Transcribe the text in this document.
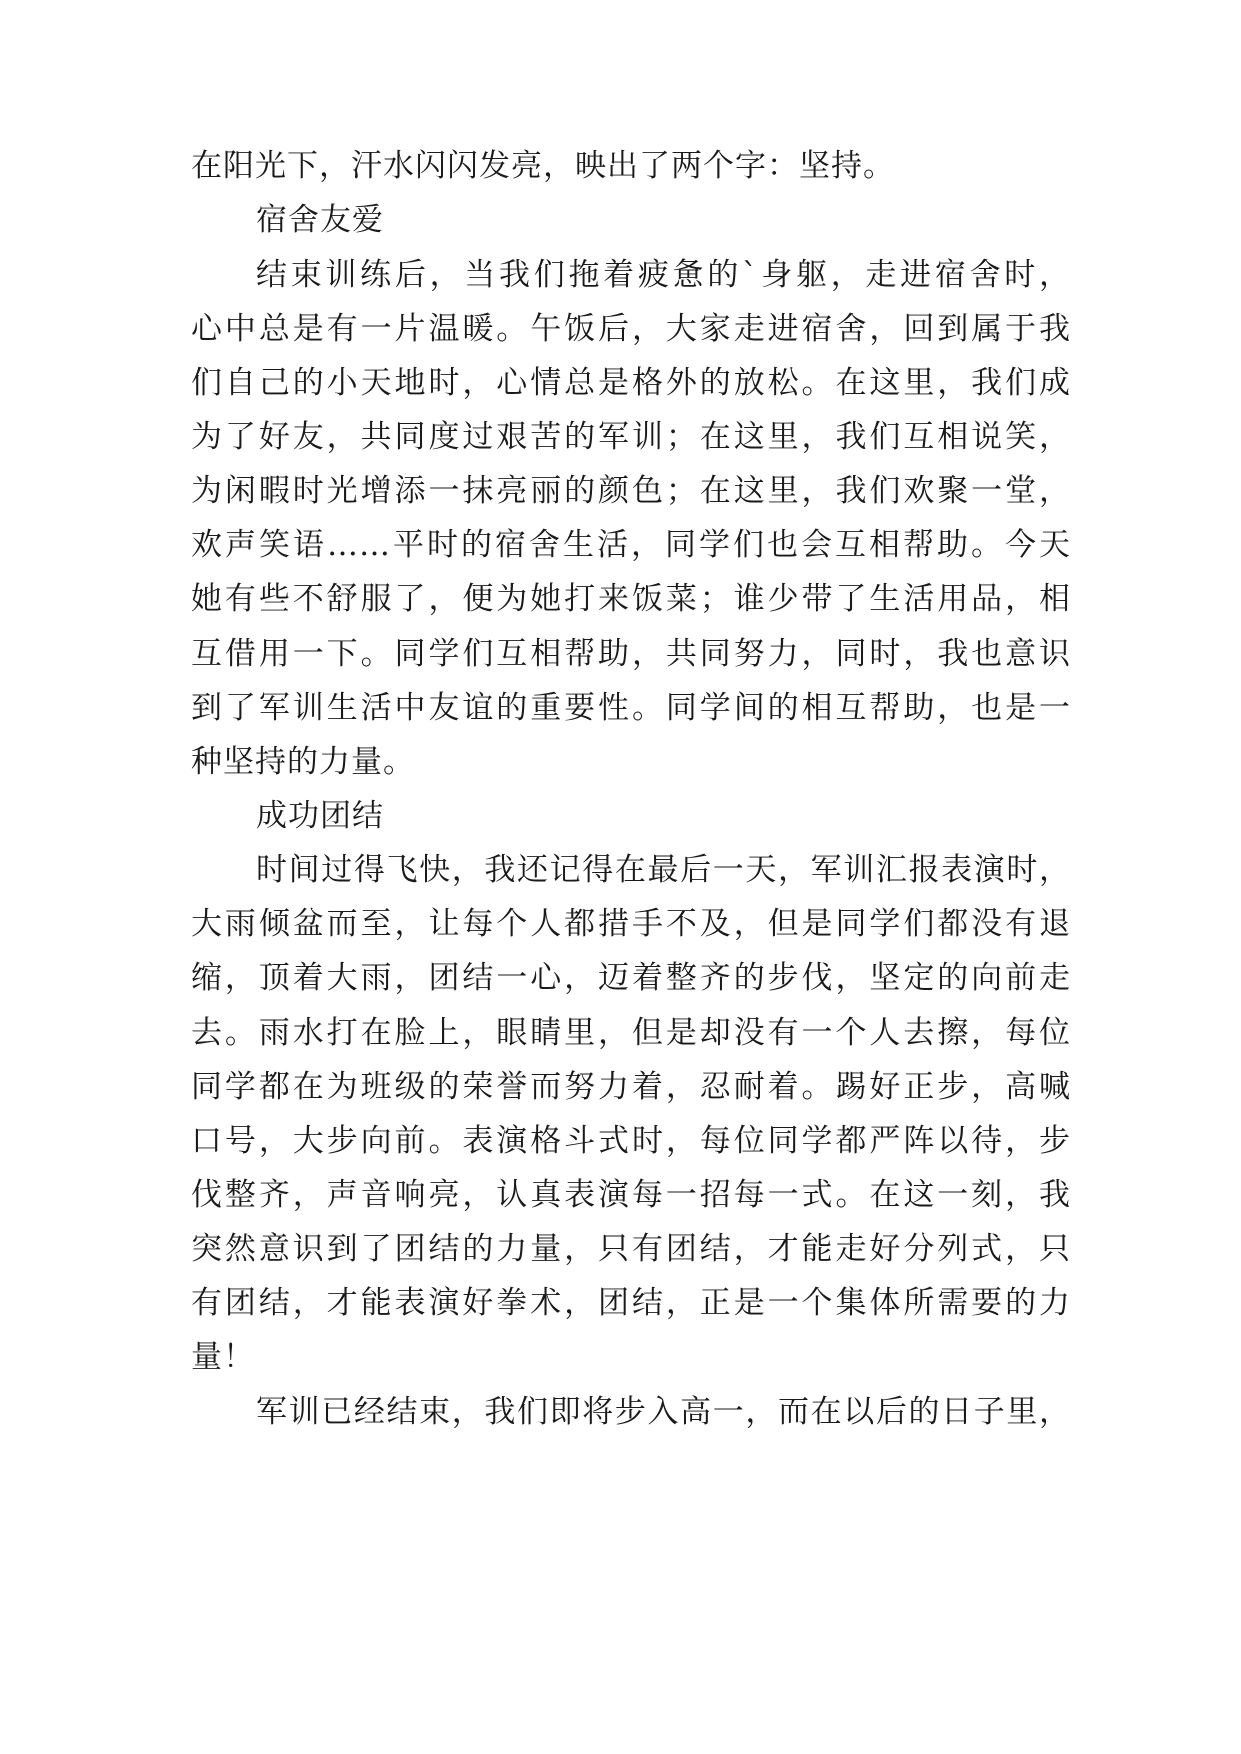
在阳光下，汗水闪闪发亮，映出了两个字：坚持。
宿舍友爱
结束训练后，当我们拖着疲惫的`身躯，走进宿舍时，
心中总是有一片温暖。午饭后，大家走进宿舍，回到属于我
们自己的小天地时，心情总是格外的放松。在这里，我们成
为了好友，共同度过艰苦的军训；在这里，我们互相说笑，
为闲暇时光增添一抹亮丽的颜色；在这里，我们欢聚一堂，
欢声笑语……平时的宿舍生活，同学们也会互相帮助。今天
她有些不舒服了，便为她打来饭菜；谁少带了生活用品，相
互借用一下。同学们互相帮助，共同努力，同时，我也意识
到了军训生活中友谊的重要性。同学间的相互帮助，也是一
种坚持的力量。
成功团结
时间过得飞快，我还记得在最后一天，军训汇报表演时，
大雨倾盆而至，让每个人都措手不及，但是同学们都没有退
缩，顶着大雨，团结一心，迈着整齐的步伐，坚定的向前走
去。雨水打在脸上，眼睛里，但是却没有一个人去擦，每位
同学都在为班级的荣誉而努力着，忍耐着。踢好正步，高喊
口号，大步向前。表演格斗式时，每位同学都严阵以待，步
伐整齐，声音响亮，认真表演每一招每一式。在这一刻，我
突然意识到了团结的力量，只有团结，才能走好分列式，只
有团结，才能表演好拳术，团结，正是一个集体所需要的力
量！
军训已经结束，我们即将步入高一，而在以后的日子里，
